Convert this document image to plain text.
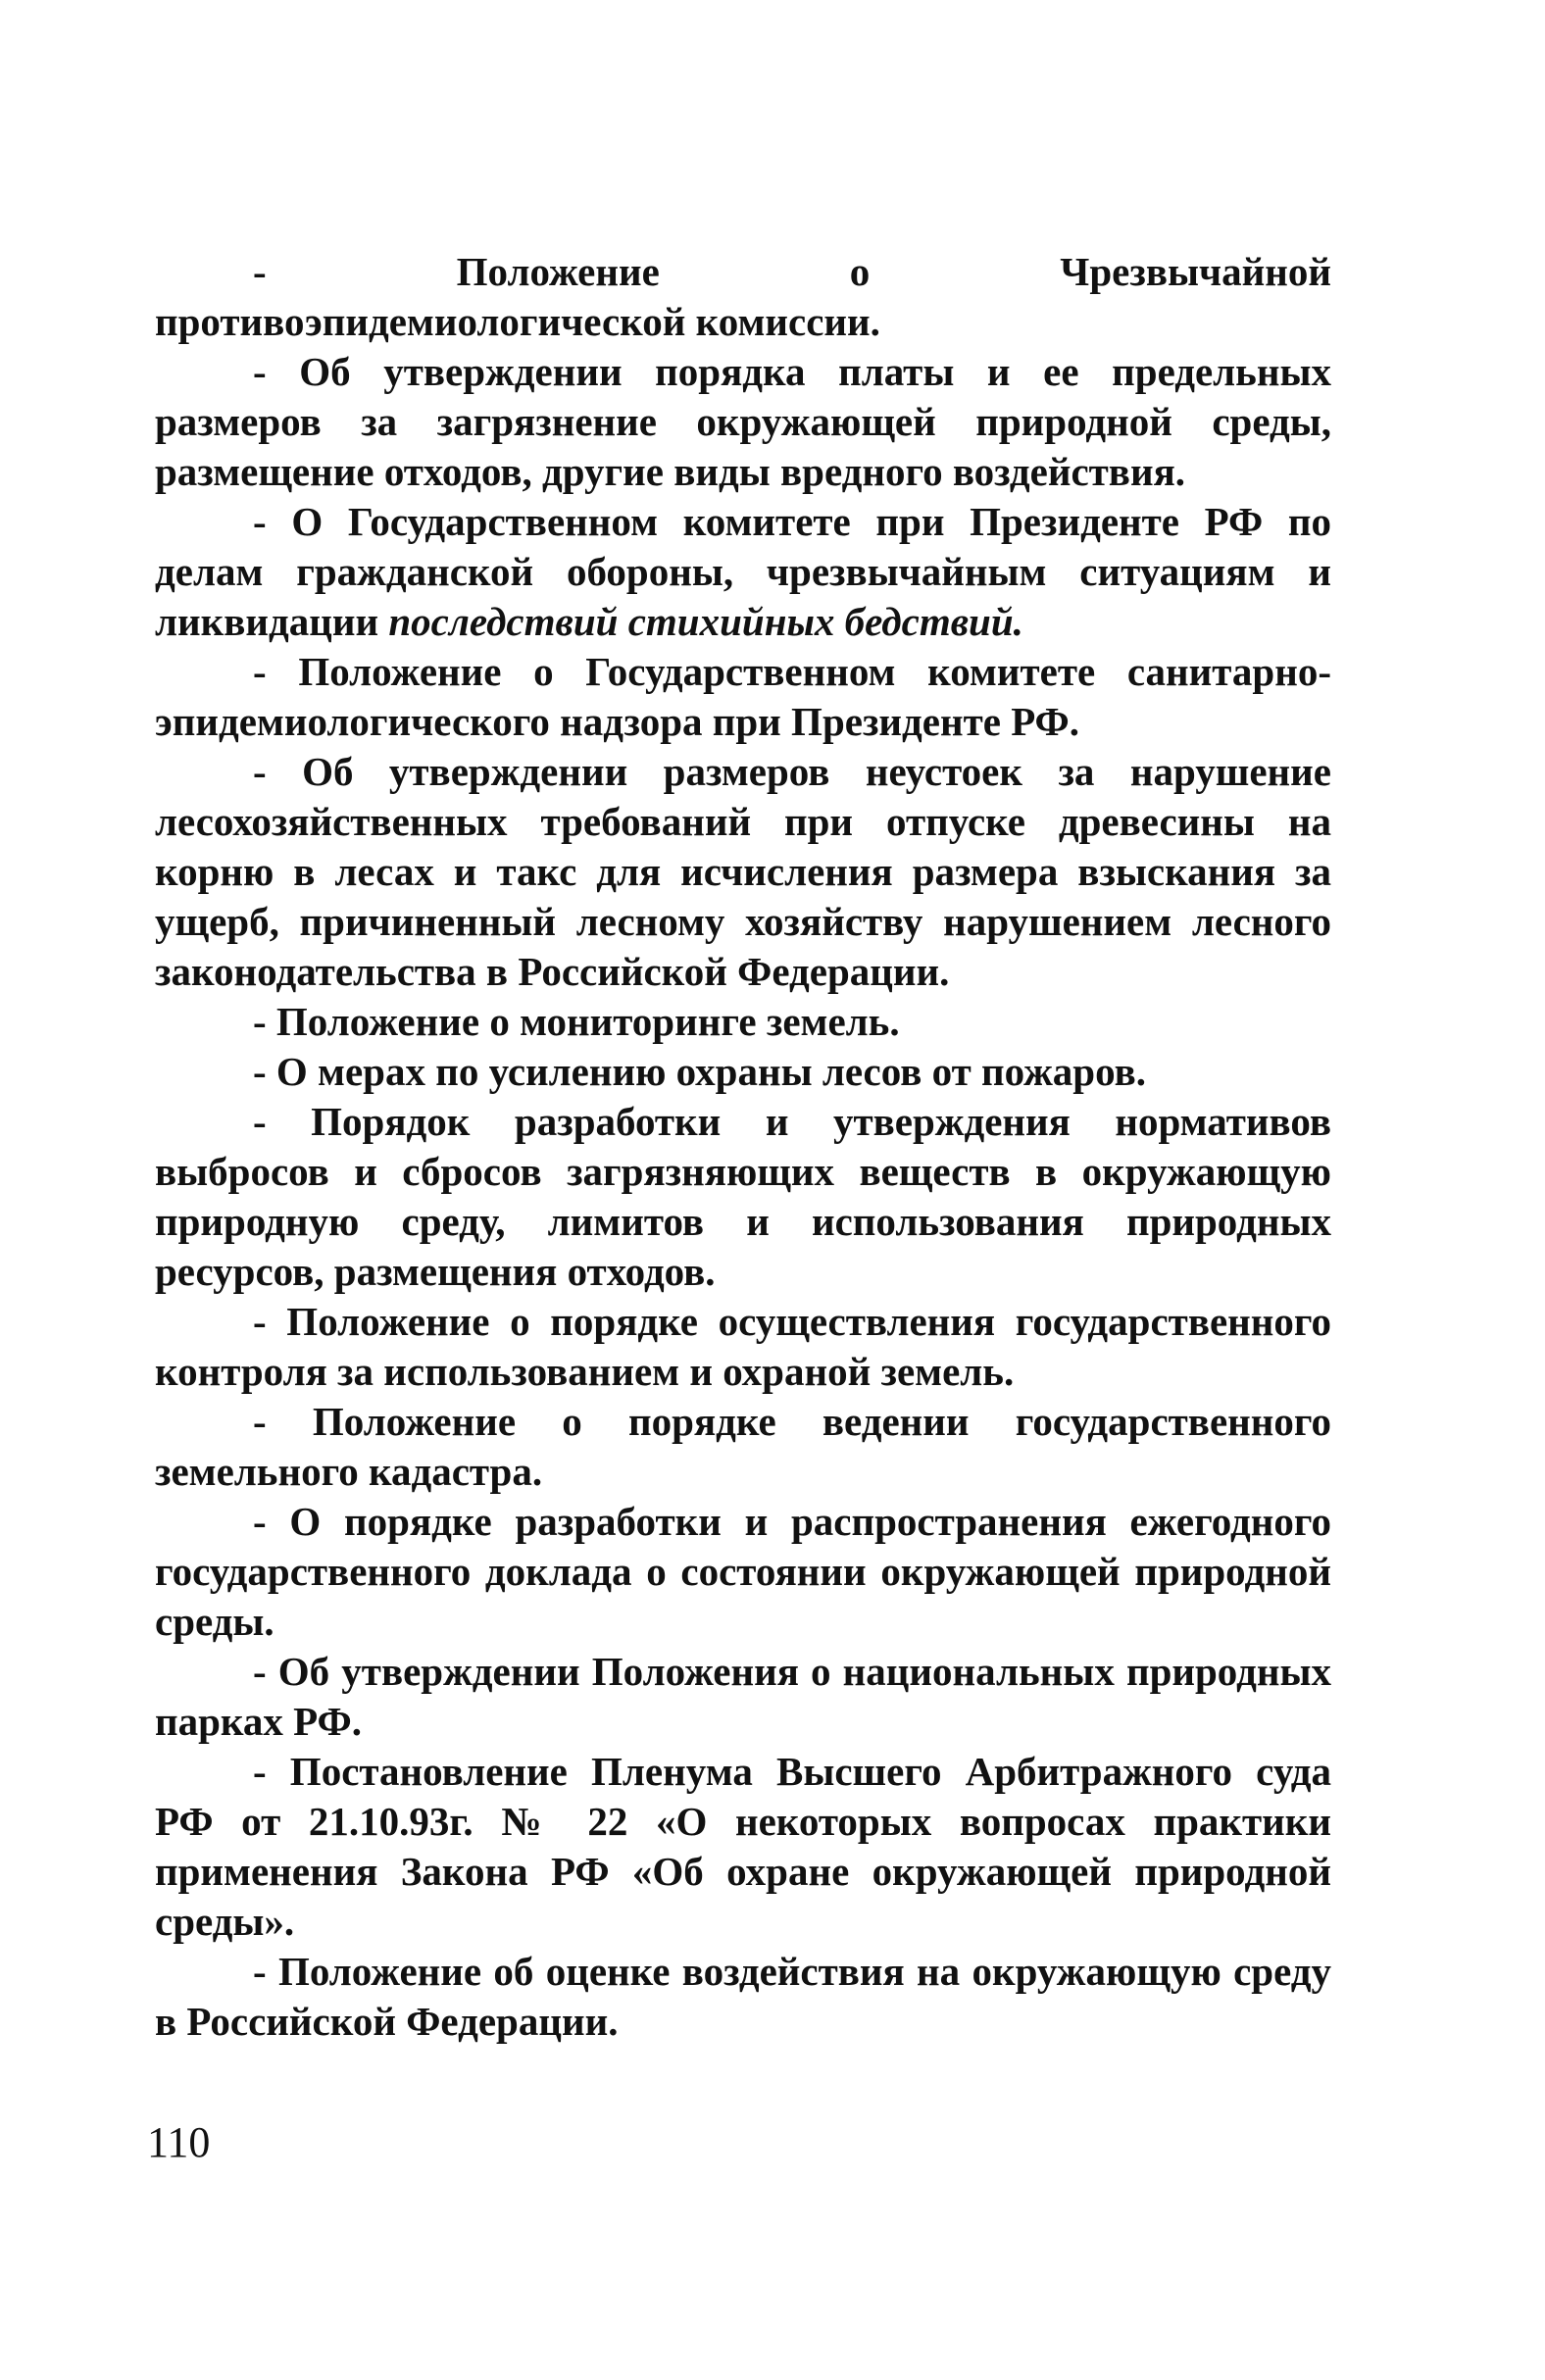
- Положение о Чрезвычайной противоэпидемиологической комиссии.

- Об утверждении порядка платы и ее предельных размеров за загрязнение окружающей природной среды, размещение отходов, другие виды вредного воздействия.

- О Государственном комитете при Президенте РФ по делам гражданской обороны, чрезвычайным ситуациям и ликвидации последствий стихийных бедствий.

- Положение о Государственном комитете санитарно-эпидемиологического надзора при Президенте РФ.

- Об утверждении размеров неустоек за нарушение лесохозяйственных требований при отпуске древесины на корню в лесах и такс для исчисления размера взыскания за ущерб, причиненный лесному хозяйству нарушением лесного законодательства в Российской Федерации.

- Положение о мониторинге земель.

- О мерах по усилению охраны лесов от пожаров.

- Порядок разработки и утверждения нормативов выбросов и сбросов загрязняющих веществ в окружающую природную среду, лимитов и использования природных ресурсов, размещения отходов.

- Положение о порядке осуществления государственного контроля за использованием и охраной земель.

- Положение о порядке ведении государственного земельного кадастра.

- О порядке разработки и распространения ежегодного государственного доклада о состоянии окружающей природной среды.

- Об утверждении Положения о национальных природных парках РФ.

- Постановление Пленума Высшего Арбитражного суда РФ от 21.10.93г. № 22 «О некоторых вопросах практики применения Закона РФ «Об охране окружающей природной среды».

- Положение об оценке воздействия на окружающую среду в Российской Федерации.

110
